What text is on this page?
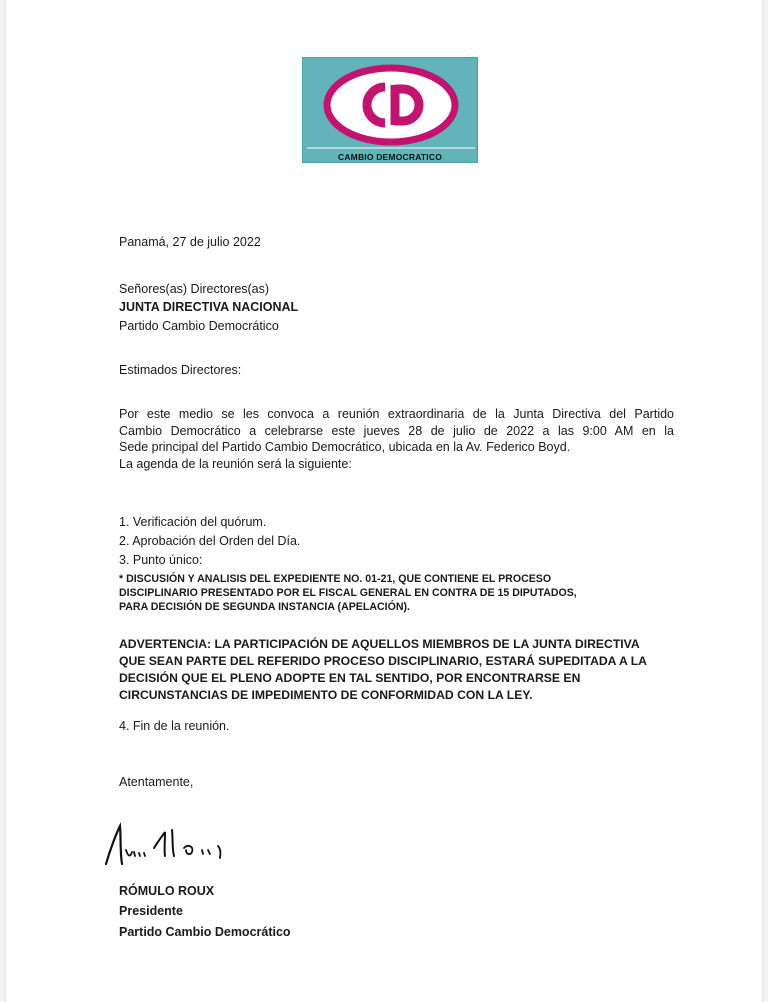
CAMBIO DEMOCRATICO
Panamá, 27 de julio 2022
Señores(as) Directores(as)
JUNTA DIRECTIVA NACIONAL
Partido Cambio Democrático
Estimados Directores:
Por este medio se les convoca a reunión extraordinaria de la Junta Directiva del Partido
Cambio Democrático a celebrarse este jueves 28 de julio de 2022 a las 9:00 AM en la
Sede principal del Partido Cambio Democrático, ubicada en la Av. Federico Boyd.
La agenda de la reunión será la siguiente:
1. Verificación del quórum.
2. Aprobación del Orden del Día.
3. Punto único:
* DISCUSIÓN Y ANALISIS DEL EXPEDIENTE NO. 01-21, QUE CONTIENE EL PROCESO
DISCIPLINARIO PRESENTADO POR EL FISCAL GENERAL EN CONTRA DE 15 DIPUTADOS,
PARA DECISIÓN DE SEGUNDA INSTANCIA (APELACIÓN).
ADVERTENCIA: LA PARTICIPACIÓN DE AQUELLOS MIEMBROS DE LA JUNTA DIRECTIVA
QUE SEAN PARTE DEL REFERIDO PROCESO DISCIPLINARIO, ESTARÁ SUPEDITADA A LA
DECISIÓN QUE EL PLENO ADOPTE EN TAL SENTIDO, POR ENCONTRARSE EN
CIRCUNSTANCIAS DE IMPEDIMENTO DE CONFORMIDAD CON LA LEY.
4. Fin de la reunión.
Atentamente,
RÓMULO ROUX
Presidente
Partido Cambio Democrático
